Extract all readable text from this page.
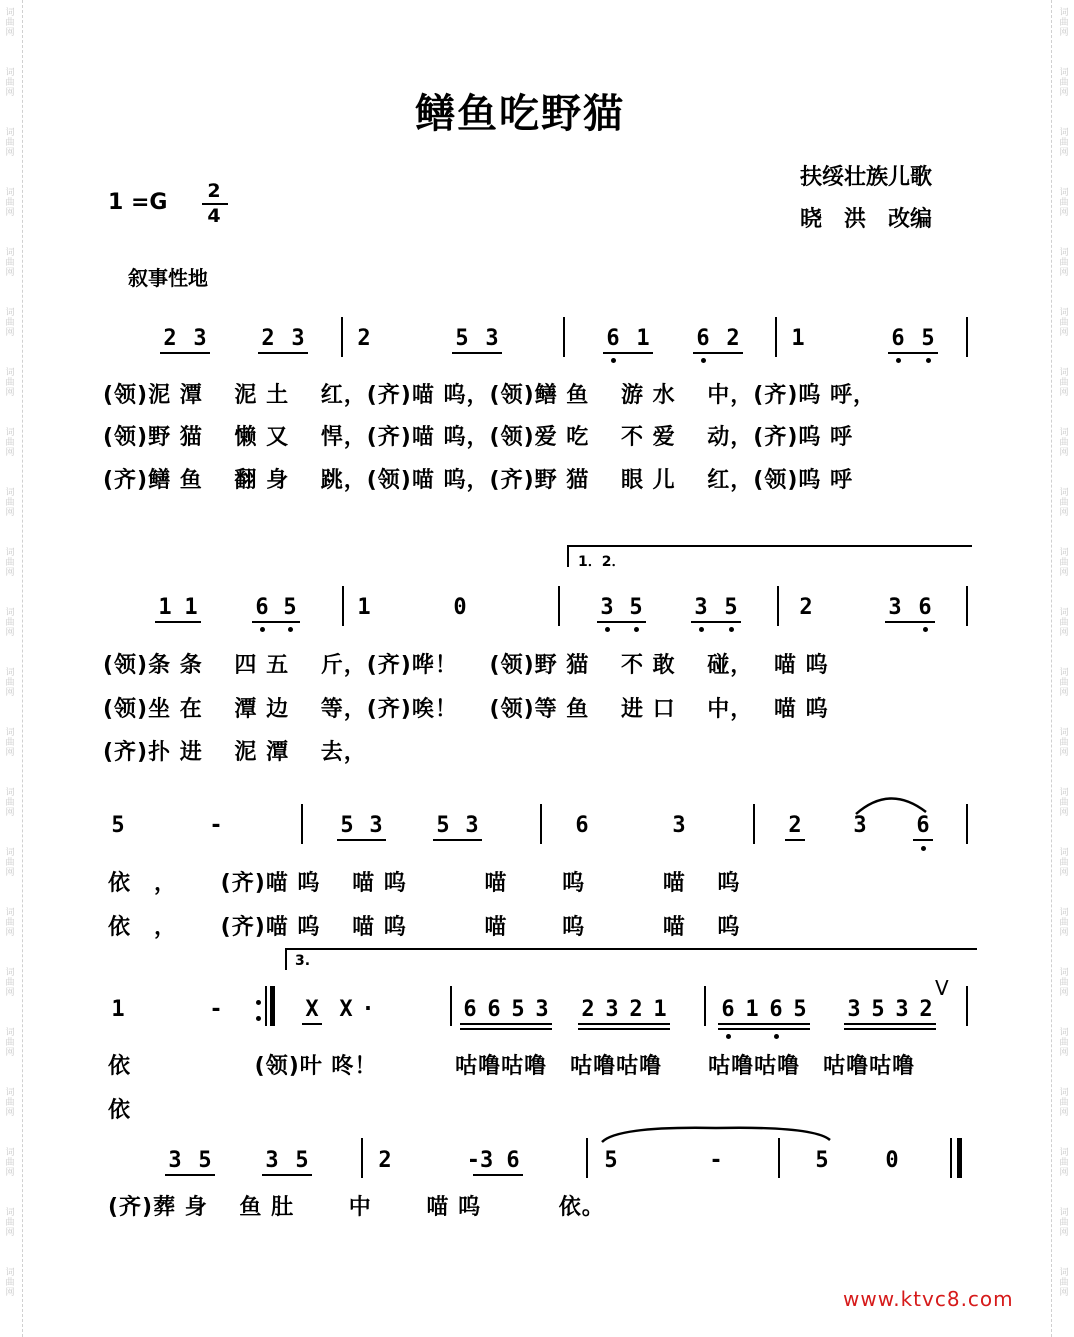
词
曲
网
词
曲
网
词
曲
网
词
曲
网
词
曲
网
词
曲
网
词
曲
网
词
曲
网
词
曲
网
词
曲
网
词
曲
网
词
曲
网
词
曲
网
词
曲
网
词
曲
网
词
曲
网
词
曲
网
词
曲
网
词
曲
网
词
曲
网
词
曲
网
词
曲
网
词
曲
网
词
曲
网
词
曲
网
词
曲
网
词
曲
网
词
曲
网
词
曲
网
词
曲
网
词
曲
网
词
曲
网
词
曲
网
词
曲
网
词
曲
网
词
曲
网
词
曲
网
词
曲
网
词
曲
网
词
曲
网
词
曲
网
词
曲
网
词
曲
网
词
曲
网
鳝鱼吃野猫
扶绥壮族儿歌
晓　洪　改编
1 =G 2
4
叙事性地
2 3 2 3 2	5 3	6 1 6 2 1	6 5
(领)泥 潭　 泥 土　 红，(齐)喵 呜，(领)鳝 鱼　 游 水　 中，(齐)呜 呼，
(领)野 猫　 懒 又　 悍，(齐)喵 呜，(领)爱 吃　 不 爱　 动，(齐)呜 呼
(齐)鳝 鱼　 翻 身　 跳，(领)喵 呜，(齐)野 猫　 眼 儿　 红，(领)呜 呼
1．2．
1 1	6 5	1	0	3 5 3 5	2	3 6
(领)条 条　 四 五　 斤，(齐)哗！　 (领)野 猫　 不 敢　 碰，　 喵 呜
(领)坐 在　 潭 边　 等，(齐)唉！　 (领)等 鱼　 进 口　 中，　 喵 呜
(齐)扑 进　 泥 潭　 去，
5	-	5 3 5 3	6	3	2 3 6
依　，　　 (齐)喵 呜　 喵 呜　　　 喵　　 呜　　　 喵　 呜
依　，　　 (齐)喵 呜　 喵 呜　　　 喵　　 呜　　　 喵　 呜
3.
1	-	X X ·	6 6 5 3 2 3 2 1 6 1 6 5 3 5 3 2
V
依　　　　　 (领)叶 咚！　　　 咕噜咕噜　咕噜咕噜　　咕噜咕噜　咕噜咕噜
依
3 5 3 5	2	-3 6	5	-	5	0
(齐)葬 身　 鱼 肚　　 中　　 喵 呜　　　 依。
www.ktvc8.com
